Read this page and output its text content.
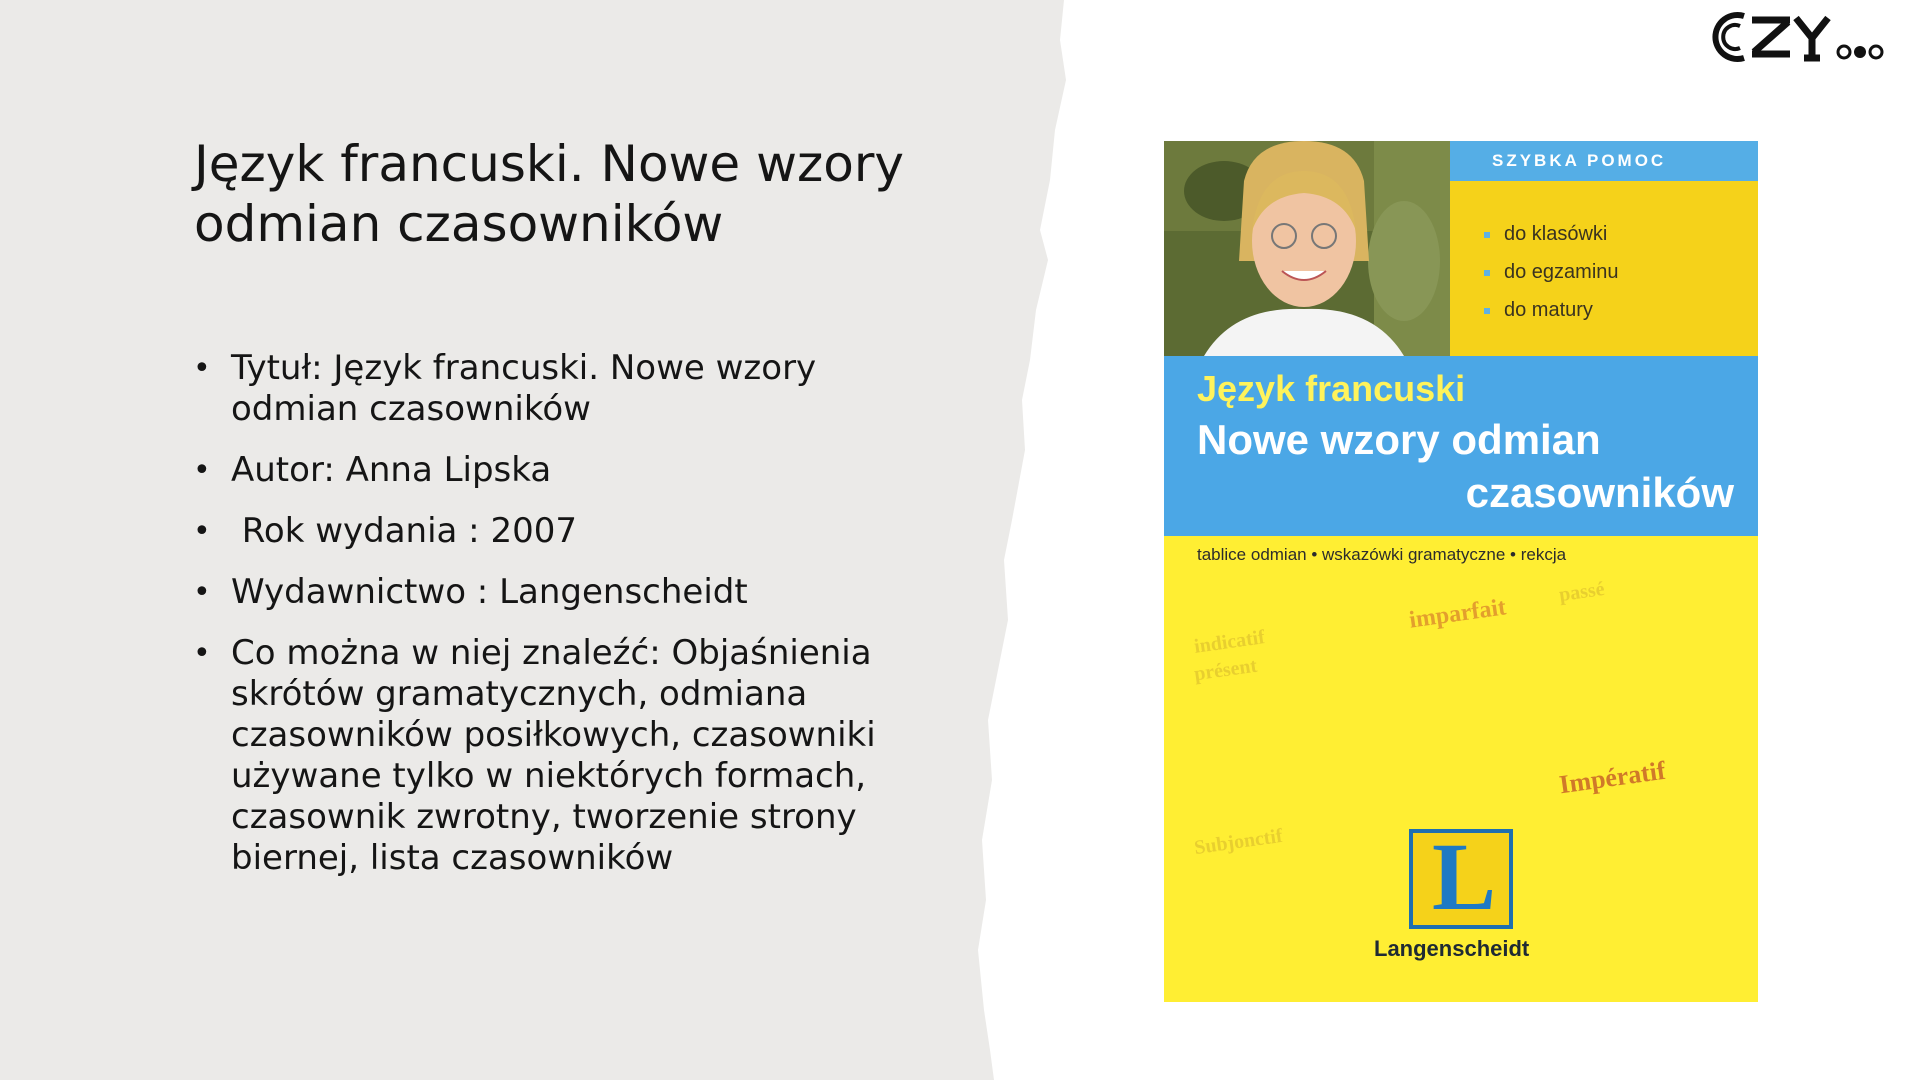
Język francuski. Nowe wzory odmian czasowników
• Tytuł: Język francuski. Nowe wzory odmian czasowników
• Autor: Anna Lipska
• Rok wydania : 2007
• Wydawnictwo : Langenscheidt
• Co można w niej znaleźć: Objaśnienia skrótów gramatycznych, odmiana czasowników posiłkowych, czasowniki używane tylko w niektórych formach, czasownik zwrotny, tworzenie strony biernej, lista czasowników
SZYBKA POMOC
do klasówki
do egzaminu
do matury
Język francuski
Nowe wzory odmian
czasowników
tablice odmian • wskazówki gramatyczne • rekcja
imparfait
présent
indicatif
passé
Impératif
Subjonctif L
Langenscheidt
